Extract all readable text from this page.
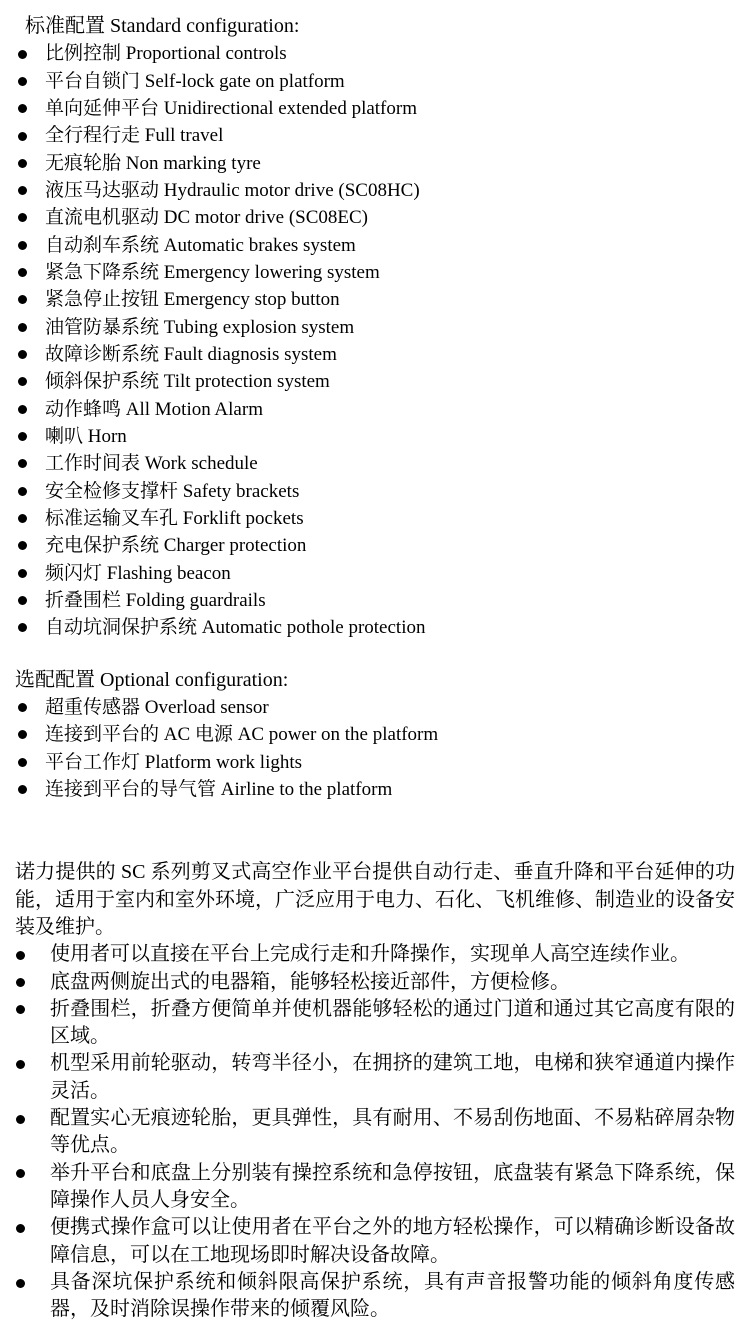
标准配置 Standard configuration:
比例控制 Proportional controls
平台自锁门 Self-lock gate on platform
单向延伸平台 Unidirectional extended platform
全行程行走 Full travel
无痕轮胎 Non marking tyre
液压马达驱动 Hydraulic motor drive (SC08HC)
直流电机驱动 DC motor drive (SC08EC)
自动刹车系统 Automatic brakes system
紧急下降系统 Emergency lowering system
紧急停止按钮 Emergency stop button
油管防暴系统 Tubing explosion system
故障诊断系统 Fault diagnosis system
倾斜保护系统 Tilt protection system
动作蜂鸣 All Motion Alarm
喇叭 Horn
工作时间表 Work schedule
安全检修支撑杆 Safety brackets
标准运输叉车孔 Forklift pockets
充电保护系统 Charger protection
频闪灯 Flashing beacon
折叠围栏 Folding guardrails
自动坑洞保护系统 Automatic pothole protection
选配配置 Optional configuration:
超重传感器 Overload sensor
连接到平台的 AC 电源 AC power on the platform
平台工作灯 Platform work lights
连接到平台的导气管 Airline to the platform

诺力提供的 SC 系列剪叉式高空作业平台提供自动行走、垂直升降和平台延伸的功能，适用于室内和室外环境，广泛应用于电力、石化、飞机维修、制造业的设备安装及维护。

使用者可以直接在平台上完成行走和升降操作，实现单人高空连续作业。
底盘两侧旋出式的电器箱，能够轻松接近部件，方便检修。
折叠围栏，折叠方便简单并使机器能够轻松的通过门道和通过其它高度有限的区域。
机型采用前轮驱动，转弯半径小，在拥挤的建筑工地，电梯和狭窄通道内操作灵活。
配置实心无痕迹轮胎，更具弹性，具有耐用、不易刮伤地面、不易粘碎屑杂物等优点。
举升平台和底盘上分别装有操控系统和急停按钮，底盘装有紧急下降系统，保障操作人员人身安全。
便携式操作盒可以让使用者在平台之外的地方轻松操作，可以精确诊断设备故障信息，可以在工地现场即时解决设备故障。
具备深坑保护系统和倾斜限高保护系统，具有声音报警功能的倾斜角度传感器，及时消除误操作带来的倾覆风险。
